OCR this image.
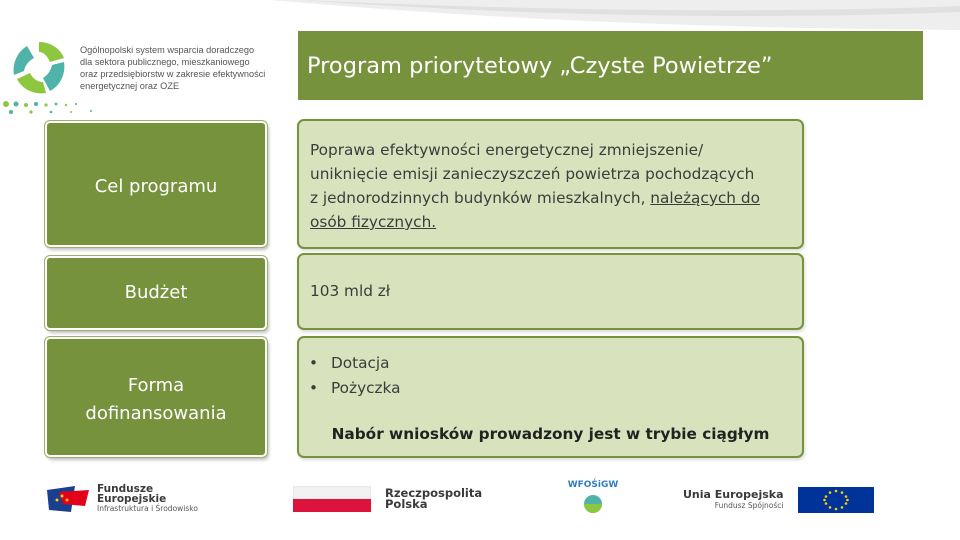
Ogólnopolski system wsparcia doradczego
dla sektora publicznego, mieszkaniowego
oraz przedsiębiorstw w zakresie efektywności
energetycznej oraz OZE
Program priorytetowy „Czyste Powietrze”
Cel programu
Poprawa efektywności energetycznej zmniejszenie/
uniknięcie emisji zanieczyszczeń powietrza pochodzących
z jednorodzinnych budynków mieszkalnych, należących do
osób fizycznych.
Budżet	103 mld zł
Forma
dofinansowania
• Dotacja
• Pożyczka
Nabór wniosków prowadzony jest w trybie ciągłym
Fundusze
Europejskie
Infrastruktura i Środowisko
Rzeczpospolita
Polska
WFOŚiGW
Unia Europejska
Fundusz Spójności
